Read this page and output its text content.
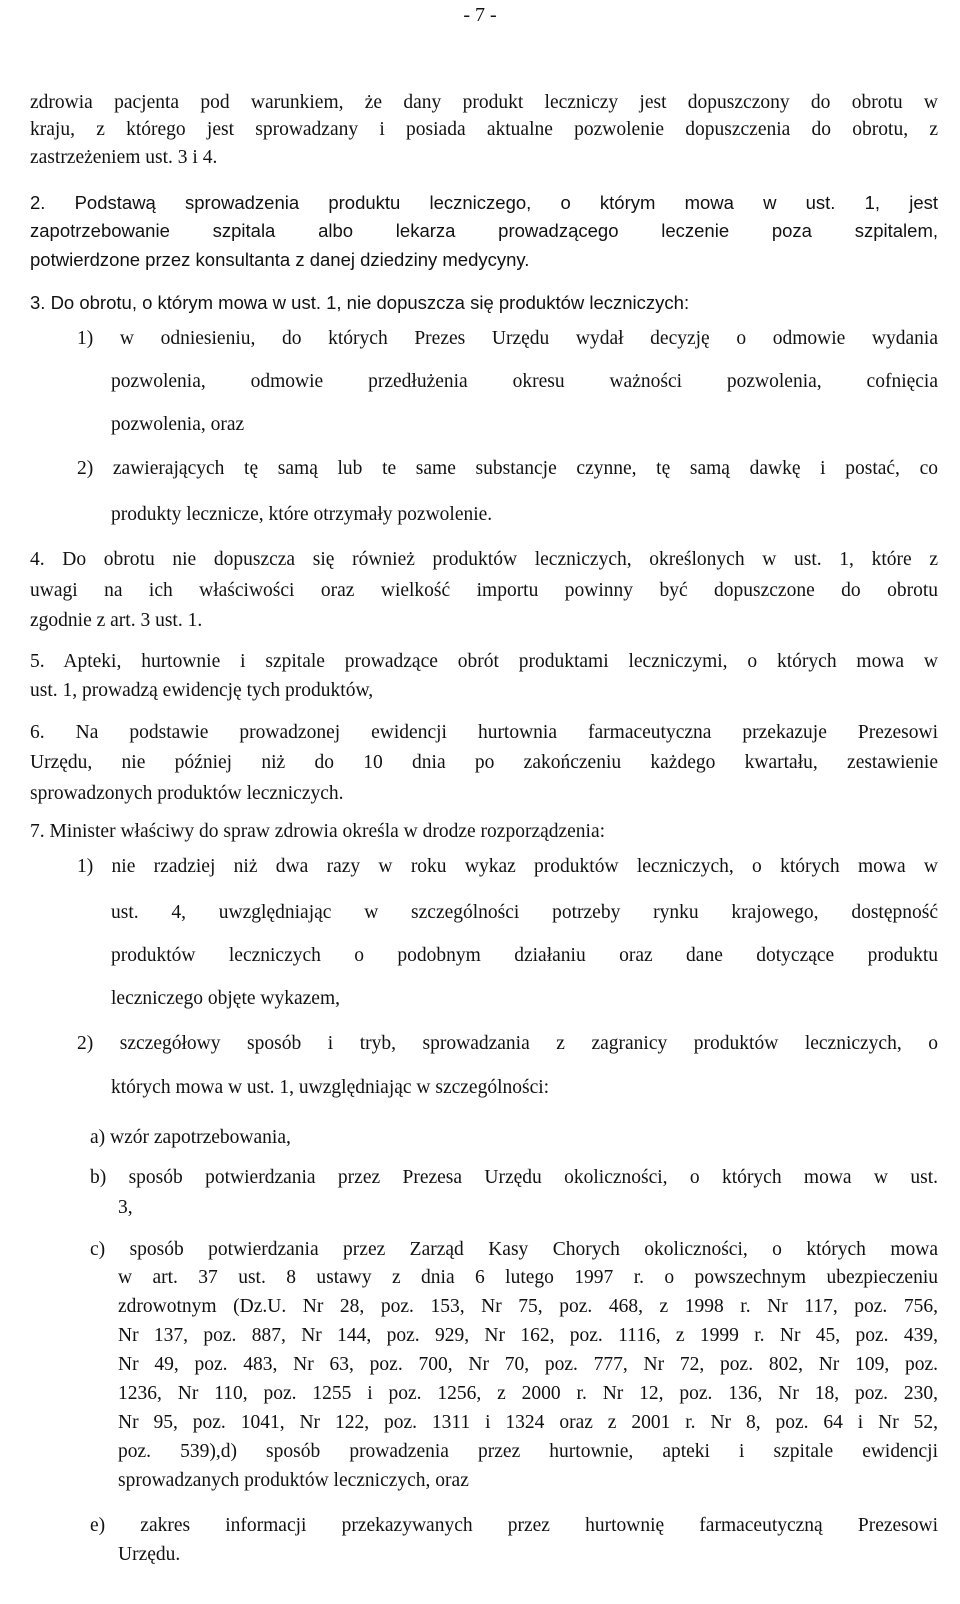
- 7 -
zdrowia pacjenta pod warunkiem, że dany produkt leczniczy jest dopuszczony do obrotu w
kraju, z którego jest sprowadzany i posiada aktualne pozwolenie dopuszczenia do obrotu, z
zastrzeżeniem ust. 3 i 4.
2. Podstawą sprowadzenia produktu leczniczego, o którym mowa w ust. 1, jest
zapotrzebowanie szpitala albo lekarza prowadzącego leczenie poza szpitalem,
potwierdzone przez konsultanta z danej dziedziny medycyny.
3. Do obrotu, o którym mowa w ust. 1, nie dopuszcza się produktów leczniczych:
1) w odniesieniu, do których Prezes Urzędu wydał decyzję o odmowie wydania
pozwolenia, odmowie przedłużenia okresu ważności pozwolenia, cofnięcia
pozwolenia, oraz
2) zawierających tę samą lub te same substancje czynne, tę samą dawkę i postać, co
produkty lecznicze, które otrzymały pozwolenie.
4. Do obrotu nie dopuszcza się również produktów leczniczych, określonych w ust. 1, które z
uwagi na ich właściwości oraz wielkość importu powinny być dopuszczone do obrotu
zgodnie z art. 3 ust. 1.
5. Apteki, hurtownie i szpitale prowadzące obrót produktami leczniczymi, o których mowa w
ust. 1, prowadzą ewidencję tych produktów,
6. Na podstawie prowadzonej ewidencji hurtownia farmaceutyczna przekazuje Prezesowi
Urzędu, nie później niż do 10 dnia po zakończeniu każdego kwartału, zestawienie
sprowadzonych produktów leczniczych.
7. Minister właściwy do spraw zdrowia określa w drodze rozporządzenia:
1) nie rzadziej niż dwa razy w roku wykaz produktów leczniczych, o których mowa w
ust. 4, uwzględniając w szczególności potrzeby rynku krajowego, dostępność
produktów leczniczych o podobnym działaniu oraz dane dotyczące produktu
leczniczego objęte wykazem,
2) szczegółowy sposób i tryb, sprowadzania z zagranicy produktów leczniczych, o
których mowa w ust. 1, uwzględniając w szczególności:
a) wzór zapotrzebowania,
b) sposób potwierdzania przez Prezesa Urzędu okoliczności, o których mowa w ust.
3,
c) sposób potwierdzania przez Zarząd Kasy Chorych okoliczności, o których mowa
w art. 37 ust. 8 ustawy z dnia 6 lutego 1997 r. o powszechnym ubezpieczeniu
zdrowotnym (Dz.U. Nr 28, poz. 153, Nr 75, poz. 468, z 1998 r. Nr 117, poz. 756,
Nr 137, poz. 887, Nr 144, poz. 929, Nr 162, poz. 1116, z 1999 r. Nr 45, poz. 439,
Nr 49, poz. 483, Nr 63, poz. 700, Nr 70, poz. 777, Nr 72, poz. 802, Nr 109, poz.
1236, Nr 110, poz. 1255 i poz. 1256, z 2000 r. Nr 12, poz. 136, Nr 18, poz. 230,
Nr 95, poz. 1041, Nr 122, poz. 1311 i 1324 oraz z 2001 r. Nr 8, poz. 64 i Nr 52,
poz. 539),d) sposób prowadzenia przez hurtownie, apteki i szpitale ewidencji
sprowadzanych produktów leczniczych, oraz
e) zakres informacji przekazywanych przez hurtownię farmaceutyczną Prezesowi
Urzędu.
